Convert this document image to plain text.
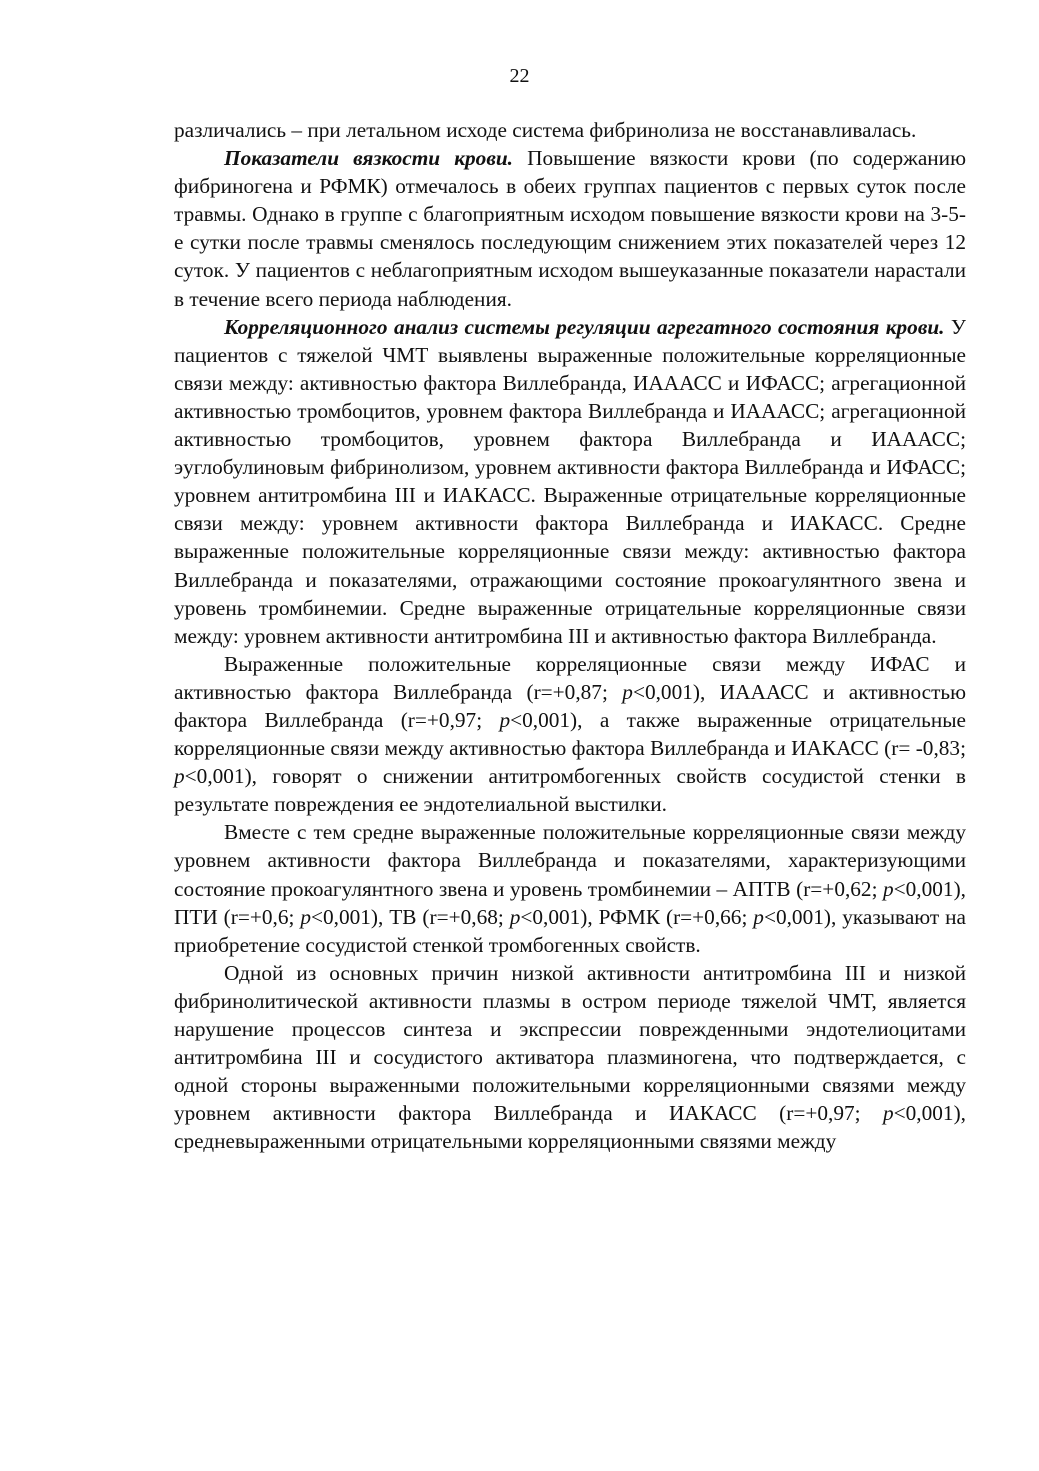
22

различались – при летальном исходе система фибринолиза не восстанавливалась.

Показатели вязкости крови. Повышение вязкости крови (по содержанию фибриногена и РФМК) отмечалось в обеих группах пациентов с первых суток после травмы. Однако в группе с благоприятным исходом повышение вязкости крови на 3-5-е сутки после травмы сменялось последующим снижением этих показателей через 12 суток. У пациентов с неблагоприятным исходом вышеуказанные показатели нарастали в течение всего периода наблюдения.

Корреляционного анализ системы регуляции агрегатного состояния крови. У пациентов с тяжелой ЧМТ выявлены выраженные положительные корреляционные связи между: активностью фактора Виллебранда, ИАААСС и ИФАСС; агрегационной активностью тромбоцитов, уровнем фактора Виллебранда и ИАААСС; агрегационной активностью тромбоцитов, уровнем фактора Виллебранда и ИАААСС; эуглобулиновым фибринолизом, уровнем активности фактора Виллебранда и ИФАСС; уровнем антитромбина III и ИАКАСС. Выраженные отрицательные корреляционные связи между: уровнем активности фактора Виллебранда и ИАКАСС. Средне выраженные положительные корреляционные связи между: активностью фактора Виллебранда и показателями, отражающими состояние прокоагулянтного звена и уровень тромбинемии. Средне выраженные отрицательные корреляционные связи между: уровнем активности антитромбина III и активностью фактора Виллебранда.

Выраженные положительные корреляционные связи между ИФАС и активностью фактора Виллебранда (r=+0,87; p<0,001), ИАААСС и активностью фактора Виллебранда (r=+0,97; p<0,001), а также выраженные отрицательные корреляционные связи между активностью фактора Виллебранда и ИАКАСС (r= -0,83; p<0,001), говорят о снижении антитромбогенных свойств сосудистой стенки в результате повреждения ее эндотелиальной выстилки.

Вместе с тем средне выраженные положительные корреляционные связи между уровнем активности фактора Виллебранда и показателями, характеризующими состояние прокоагулянтного звена и уровень тромбинемии – АПТВ (r=+0,62; p<0,001), ПТИ (r=+0,6; p<0,001), ТВ (r=+0,68; p<0,001), РФМК (r=+0,66; p<0,001), указывают на приобретение сосудистой стенкой тромбогенных свойств.

Одной из основных причин низкой активности антитромбина III и низкой фибринолитической активности плазмы в остром периоде тяжелой ЧМТ, является нарушение процессов синтеза и экспрессии поврежденными эндотелиоцитами антитромбина III и сосудистого активатора плазминогена, что подтверждается, с одной стороны выраженными положительными корреляционными связями между уровнем активности фактора Виллебранда и ИАКАСС (r=+0,97; p<0,001), средневыраженными отрицательными корреляционными связями между
